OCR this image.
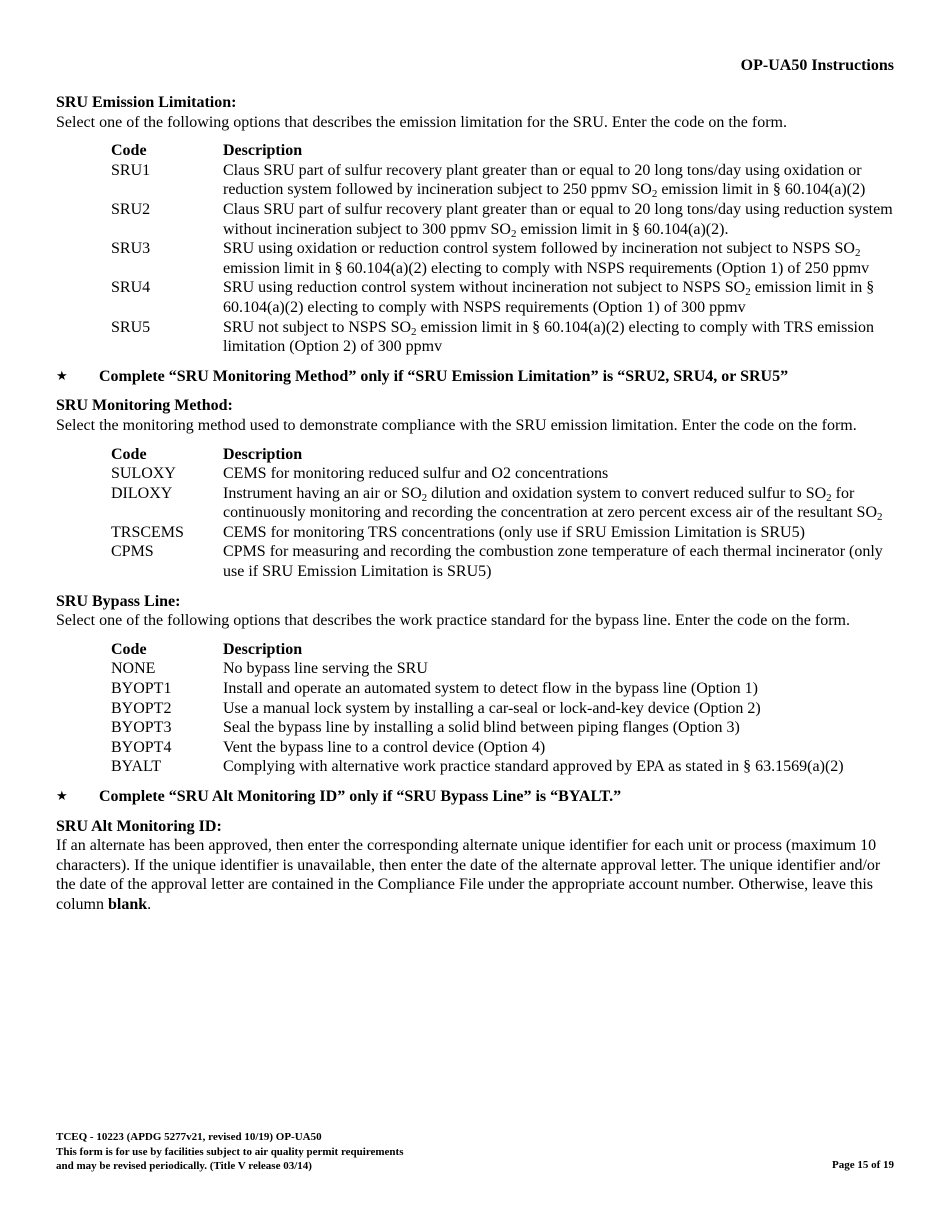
OP-UA50 Instructions
SRU Emission Limitation:

Select one of the following options that describes the emission limitation for the SRU. Enter the code on the form.

Code	Description
SRU1	Claus SRU part of sulfur recovery plant greater than or equal to 20 long tons/day using oxidation or reduction system followed by incineration subject to 250 ppmv $SO_2$ emission limit in § 60.104(a)(2)
SRU2	Claus SRU part of sulfur recovery plant greater than or equal to 20 long tons/day using reduction system without incineration subject to 300 ppmv $SO_2$ emission limit in § 60.104(a)(2).
SRU3	SRU using oxidation or reduction control system followed by incineration not subject to NSPS $SO_2$ emission limit in § 60.104(a)(2) electing to comply with NSPS requirements (Option 1) of 250 ppmv
SRU4	SRU using reduction control system without incineration not subject to NSPS $SO_2$ emission limit in § 60.104(a)(2) electing to comply with NSPS requirements (Option 1) of 300 ppmv
SRU5	SRU not subject to NSPS $SO_2$ emission limit in § 60.104(a)(2) electing to comply with TRS emission limitation (Option 2) of 300 ppmv
★ Complete “SRU Monitoring Method” only if “SRU Emission Limitation” is “SRU2, SRU4, or SRU5”
SRU Monitoring Method:

Select the monitoring method used to demonstrate compliance with the SRU emission limitation. Enter the code on the form.

Code	Description
SULOXY	CEMS for monitoring reduced sulfur and O2 concentrations
DILOXY	Instrument having an air or $SO_2$ dilution and oxidation system to convert reduced sulfur to $SO_2$ for continuously monitoring and recording the concentration at zero percent excess air of the resultant $SO_2$
TRSCEMS	CEMS for monitoring TRS concentrations (only use if SRU Emission Limitation is SRU5)
CPMS	CPMS for measuring and recording the combustion zone temperature of each thermal incinerator (only use if SRU Emission Limitation is SRU5)
SRU Bypass Line:

Select one of the following options that describes the work practice standard for the bypass line. Enter the code on the form.

Code	Description
NONE	No bypass line serving the SRU
BYOPT1	Install and operate an automated system to detect flow in the bypass line (Option 1)
BYOPT2	Use a manual lock system by installing a car-seal or lock-and-key device (Option 2)
BYOPT3	Seal the bypass line by installing a solid blind between piping flanges (Option 3)
BYOPT4	Vent the bypass line to a control device (Option 4)
BYALT	Complying with alternative work practice standard approved by EPA as stated in § 63.1569(a)(2)
★ Complete “SRU Alt Monitoring ID” only if “SRU Bypass Line” is “BYALT.”
SRU Alt Monitoring ID:

If an alternate has been approved, then enter the corresponding alternate unique identifier for each unit or process (maximum 10 characters). If the unique identifier is unavailable, then enter the date of the alternate approval letter. The unique identifier and/or the date of the approval letter are contained in the Compliance File under the appropriate account number. Otherwise, leave this column blank.

TCEQ - 10223 (APDG 5277v21, revised 10/19) OP-UA50
This form is for use by facilities subject to air quality permit requirements
and may be revised periodically. (Title V release 03/14)	Page 15 of 19
